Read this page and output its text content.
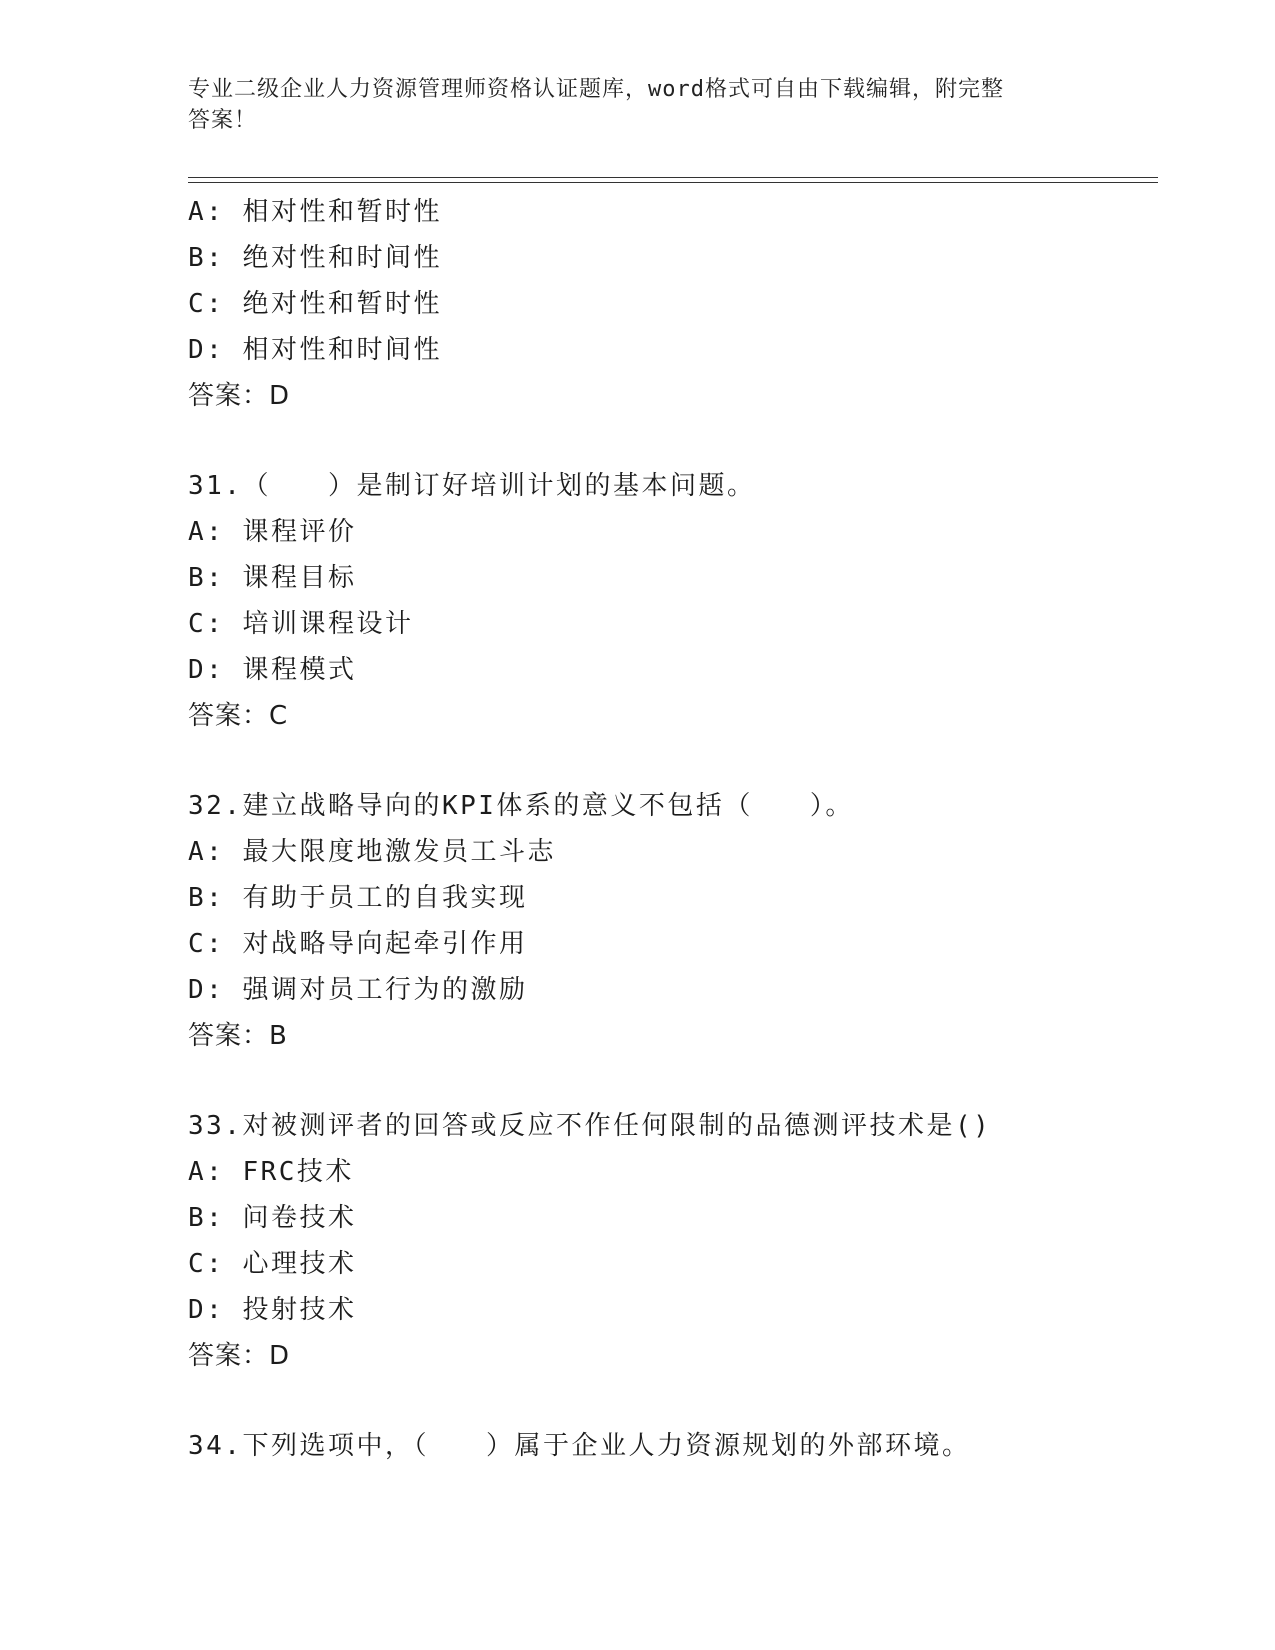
专业二级企业人力资源管理师资格认证题库，word格式可自由下载编辑，附完整
答案！
A: 相对性和暂时性
B: 绝对性和时间性
C: 绝对性和暂时性
D: 相对性和时间性
答案：D
31.（　　）是制订好培训计划的基本问题。
A: 课程评价
B: 课程目标
C: 培训课程设计
D: 课程模式
答案：C
32.建立战略导向的KPI体系的意义不包括（　　）。
A: 最大限度地激发员工斗志
B: 有助于员工的自我实现
C: 对战略导向起牵引作用
D: 强调对员工行为的激励
答案：B
33.对被测评者的回答或反应不作任何限制的品德测评技术是()
A: FRC技术
B: 问卷技术
C: 心理技术
D: 投射技术
答案：D
34.下列选项中，（　　）属于企业人力资源规划的外部环境。
